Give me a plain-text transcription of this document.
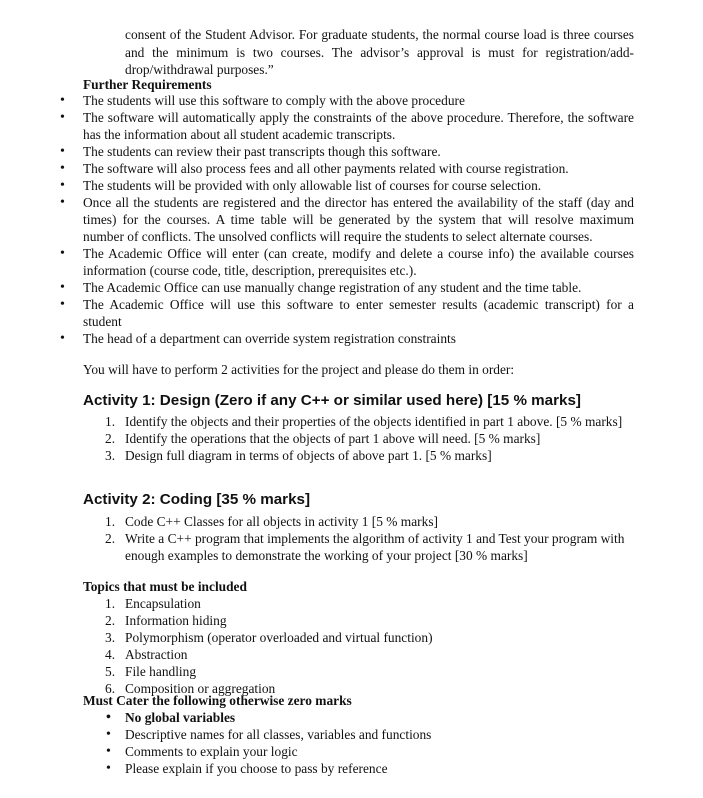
consent of the Student Advisor. For graduate students, the normal course load is three courses and the minimum is two courses. The advisor’s approval is must for registration/add-drop/withdrawal purposes.”
Further Requirements
• The students will use this software to comply with the above procedure
• The software will automatically apply the constraints of the above procedure. Therefore, the software has the information about all student academic transcripts.
• The students can review their past transcripts though this software.
• The software will also process fees and all other payments related with course registration.
• The students will be provided with only allowable list of courses for course selection.
• Once all the students are registered and the director has entered the availability of the staff (day and times) for the courses. A time table will be generated by the system that will resolve maximum number of conflicts. The unsolved conflicts will require the students to select alternate courses.
• The Academic Office will enter (can create, modify and delete a course info) the available courses information (course code, title, description, prerequisites etc.).
• The Academic Office can use manually change registration of any student and the time table.
• The Academic Office will use this software to enter semester results (academic transcript) for a student
• The head of a department can override system registration constraints
You will have to perform 2 activities for the project and please do them in order:
Activity 1: Design (Zero if any C++ or similar used here) [15 % marks]
1. Identify the objects and their properties of the objects identified in part 1 above. [5 % marks]
2. Identify the operations that the objects of part 1 above will need. [5 % marks]
3. Design full diagram in terms of objects of above part 1. [5 % marks]
Activity 2: Coding [35 % marks]
1. Code C++ Classes for all objects in activity 1 [5 % marks]
2. Write a C++ program that implements the algorithm of activity 1 and Test your program with enough examples to demonstrate the working of your project [30 % marks]
Topics that must be included
1. Encapsulation
2. Information hiding
3. Polymorphism (operator overloaded and virtual function)
4. Abstraction
5. File handling
6. Composition or aggregation
Must Cater the following otherwise zero marks
• No global variables
• Descriptive names for all classes, variables and functions
• Comments to explain your logic
• Please explain if you choose to pass by reference
